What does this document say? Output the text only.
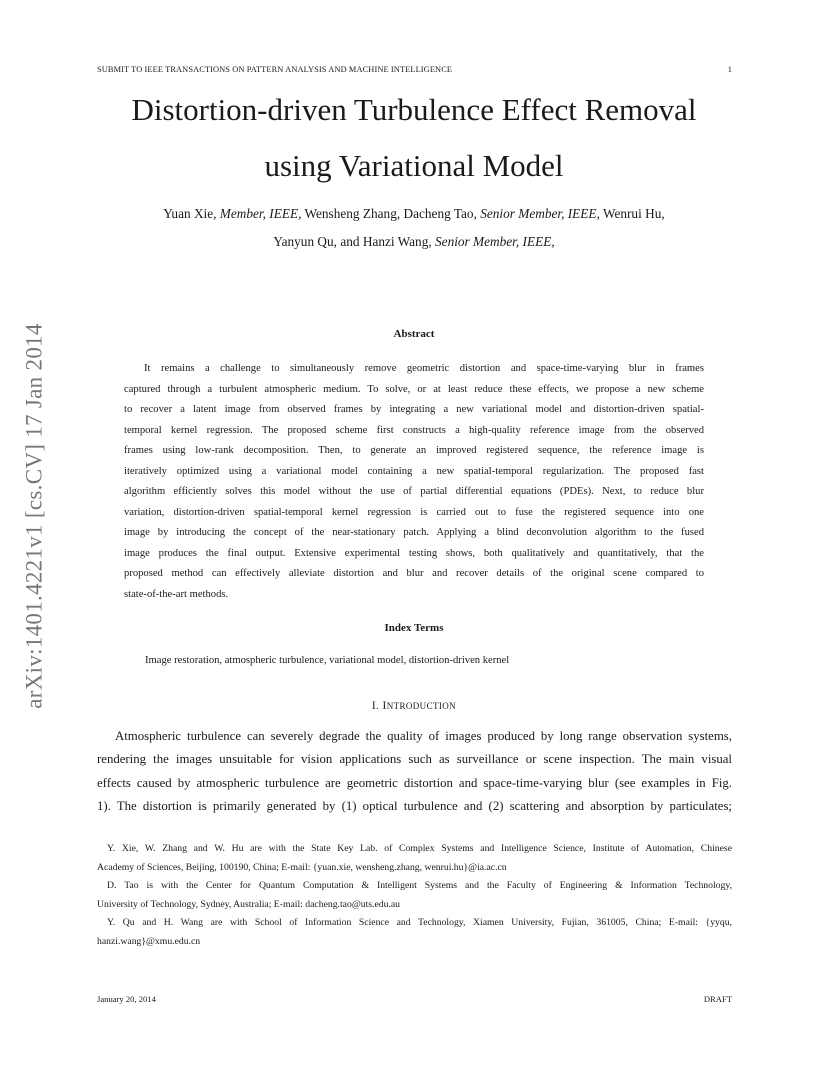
SUBMIT TO IEEE TRANSACTIONS ON PATTERN ANALYSIS AND MACHINE INTELLIGENCE	1
arXiv:1401.4221v1 [cs.CV] 17 Jan 2014
Distortion-driven Turbulence Effect Removal
using Variational Model
Yuan Xie, Member, IEEE, Wensheng Zhang, Dacheng Tao, Senior Member, IEEE, Wenrui Hu,
Yanyun Qu, and Hanzi Wang, Senior Member, IEEE,
Abstract
It remains a challenge to simultaneously remove geometric distortion and space-time-varying blur in frames
captured through a turbulent atmospheric medium. To solve, or at least reduce these effects, we propose a new scheme
to recover a latent image from observed frames by integrating a new variational model and distortion-driven spatial-
temporal kernel regression. The proposed scheme first constructs a high-quality reference image from the observed
frames using low-rank decomposition. Then, to generate an improved registered sequence, the reference image is
iteratively optimized using a variational model containing a new spatial-temporal regularization. The proposed fast
algorithm efficiently solves this model without the use of partial differential equations (PDEs). Next, to reduce blur
variation, distortion-driven spatial-temporal kernel regression is carried out to fuse the registered sequence into one
image by introducing the concept of the near-stationary patch. Applying a blind deconvolution algorithm to the fused
image produces the final output. Extensive experimental testing shows, both qualitatively and quantitatively, that the
proposed method can effectively alleviate distortion and blur and recover details of the original scene compared to
state-of-the-art methods.
Index Terms
Image restoration, atmospheric turbulence, variational model, distortion-driven kernel
I. INTRODUCTION
Atmospheric turbulence can severely degrade the quality of images produced by long range observation systems,
rendering the images unsuitable for vision applications such as surveillance or scene inspection. The main visual
effects caused by atmospheric turbulence are geometric distortion and space-time-varying blur (see examples in Fig.
1). The distortion is primarily generated by (1) optical turbulence and (2) scattering and absorption by particulates;
Y. Xie, W. Zhang and W. Hu are with the State Key Lab. of Complex Systems and Intelligence Science, Institute of Automation, Chinese
Academy of Sciences, Beijing, 100190, China; E-mail: {yuan.xie, wensheng.zhang, wenrui.hu}@ia.ac.cn
D. Tao is with the Center for Quantum Computation & Intelligent Systems and the Faculty of Engineering & Information Technology,
University of Technology, Sydney, Australia; E-mail: dacheng.tao@uts.edu.au
Y. Qu and H. Wang are with School of Information Science and Technology, Xiamen University, Fujian, 361005, China; E-mail: {yyqu,
hanzi.wang}@xmu.edu.cn
January 20, 2014	DRAFT
